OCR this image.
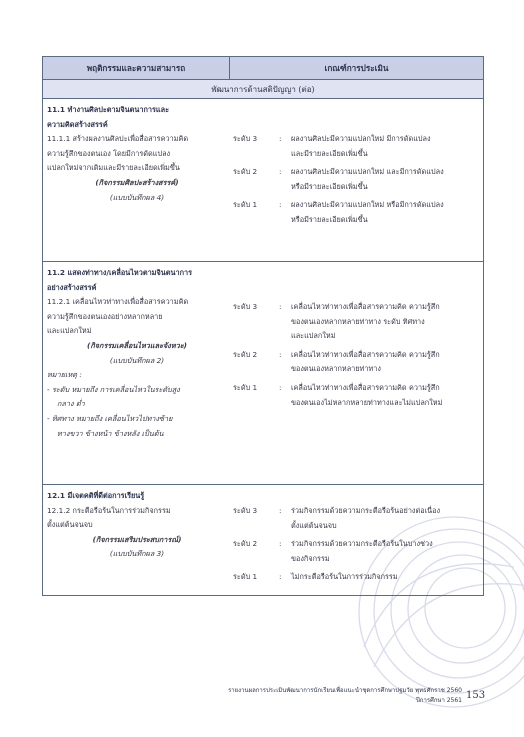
พฤติกรรมและความสามารถ	เกณฑ์การประเมิน
พัฒนาการด้านสติปัญญา (ต่อ)
11.1 ทำงานศิลปะตามจินตนาการและ
ความคิดสร้างสรรค์
11.1.1 สร้างผลงานศิลปะเพื่อสื่อสารความคิด
ความรู้สึกของตนเอง โดยมีการดัดแปลง
แปลกใหม่จากเดิมและมีรายละเอียดเพิ่มขึ้น
(กิจกรรมศิลปะสร้างสรรค์)
(แบบบันทึกผล 4)
ระดับ 3	:	ผลงานศิลปะมีความแปลกใหม่ มีการดัดแปลง
และมีรายละเอียดเพิ่มขึ้น
ระดับ 2	:	ผลงานศิลปะมีความแปลกใหม่ และมีการดัดแปลง
หรือมีรายละเอียดเพิ่มขึ้น
ระดับ 1	:	ผลงานศิลปะมีความแปลกใหม่ หรือมีการดัดแปลง
หรือมีรายละเอียดเพิ่มขึ้น
11.2 แสดงท่าทาง/เคลื่อนไหวตามจินตนาการ
อย่างสร้างสรรค์
11.2.1 เคลื่อนไหวท่าทางเพื่อสื่อสารความคิด
ความรู้สึกของตนเองอย่างหลากหลาย
และแปลกใหม่
(กิจกรรมเคลื่อนไหวและจังหวะ)
(แบบบันทึกผล 2)
หมายเหตุ :
- ระดับ หมายถึง การเคลื่อนไหวในระดับสูง
กลาง ต่ำ
- ทิศทาง หมายถึง เคลื่อนไหวไปทางซ้าย
ทางขวา ข้างหน้า ข้างหลัง เป็นต้น
ระดับ 3	:	เคลื่อนไหวท่าทางเพื่อสื่อสารความคิด ความรู้สึก
ของตนเองหลากหลายท่าทาง ระดับ ทิศทาง
และแปลกใหม่
ระดับ 2	:	เคลื่อนไหวท่าทางเพื่อสื่อสารความคิด ความรู้สึก
ของตนเองหลากหลายท่าทาง
ระดับ 1	:	เคลื่อนไหวท่าทางเพื่อสื่อสารความคิด ความรู้สึก
ของตนเองไม่หลากหลายท่าทางและไม่แปลกใหม่
12.1 มีเจตคติที่ดีต่อการเรียนรู้
12.1.2 กระตือรือร้นในการร่วมกิจกรรม
ตั้งแต่ต้นจนจบ
(กิจกรรมเสริมประสบการณ์)
(แบบบันทึกผล 3)
ระดับ 3	:	ร่วมกิจกรรมด้วยความกระตือรือร้นอย่างต่อเนื่อง
ตั้งแต่ต้นจนจบ
ระดับ 2	:	ร่วมกิจกรรมด้วยความกระตือรือร้นในบางช่วง
ของกิจกรรม
ระดับ 1	:	ไม่กระตือรือร้นในการร่วมกิจกรรม
รายงานผลการประเมินพัฒนาการนักเรียนเพื่อแนะนำชุดการศึกษาปฐมวัย พุทธศักราช 2560
ปีการศึกษา 2561 153
